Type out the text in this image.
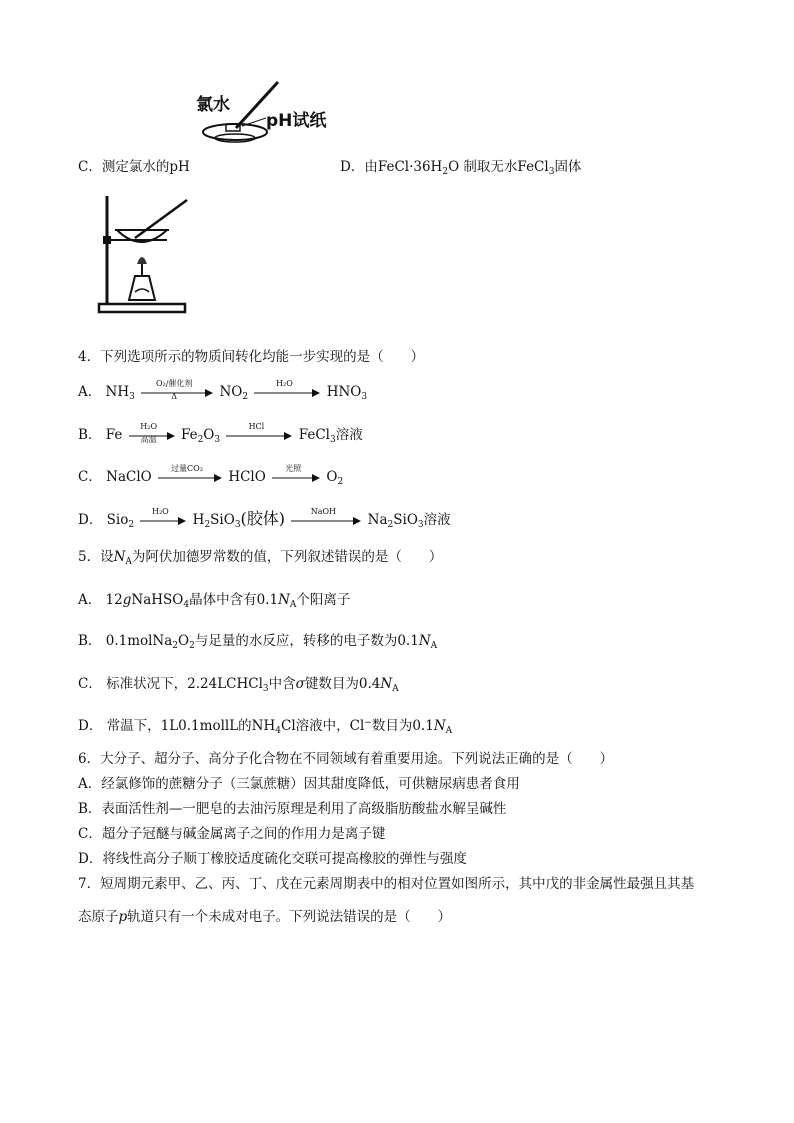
氯水
pH试纸
C．测定氯水的pH	D．由$FeCl\cdot 36H_2O$ 制取无水FeCl$_3$固体
4．下列选项所示的物质间转化均能一步实现的是（　　）
A． $NH_3$
O₂/催化剂
Δ	$NO_2$
H₂O
$HNO_3$
B． Fe
H₂O
高温	$Fe_2O_3$
HCl
FeCl$_3$溶液
C． NaClO
过量CO₂
HClO
光照
$O_2$
D． Sio$_2$
H₂O
$H_2SiO_3$(胶体)	NaOH
$Na_2SiO_3$溶液
5．设$N_A$为阿伏加德罗常数的值，下列叙述错误的是（　　）
A． 12gNaHSO$_4$晶体中含有$0.1N_A$个阳离子
B． $0.1molNa_2O_2$与足量的水反应，转移的电子数为$0.1N_A$
C． 标准状况下，2.24LCHCl$_3$中含σ键数目为$0.4N_A$
D． 常温下，1L0.1mollL的$NH_4Cl$溶液中，Cl−数目为$0.1N_A$
6．大分子、超分子、高分子化合物在不同领域有着重要用途。下列说法正确的是（　　）
A．经氯修饰的蔗糖分子（三氯蔗糖）因其甜度降低，可供糖尿病患者食用
B．表面活性剂—一肥皂的去油污原理是利用了高级脂肪酸盐水解呈碱性
C．超分子冠醚与碱金属离子之间的作用力是离子键
D．将线性高分子顺丁橡胶适度硫化交联可提高橡胶的弹性与强度
7．短周期元素甲、乙、丙、丁、戊在元素周期表中的相对位置如图所示，其中戊的非金属性最强且其基
态原子p轨道只有一个未成对电子。下列说法错误的是（　　）
